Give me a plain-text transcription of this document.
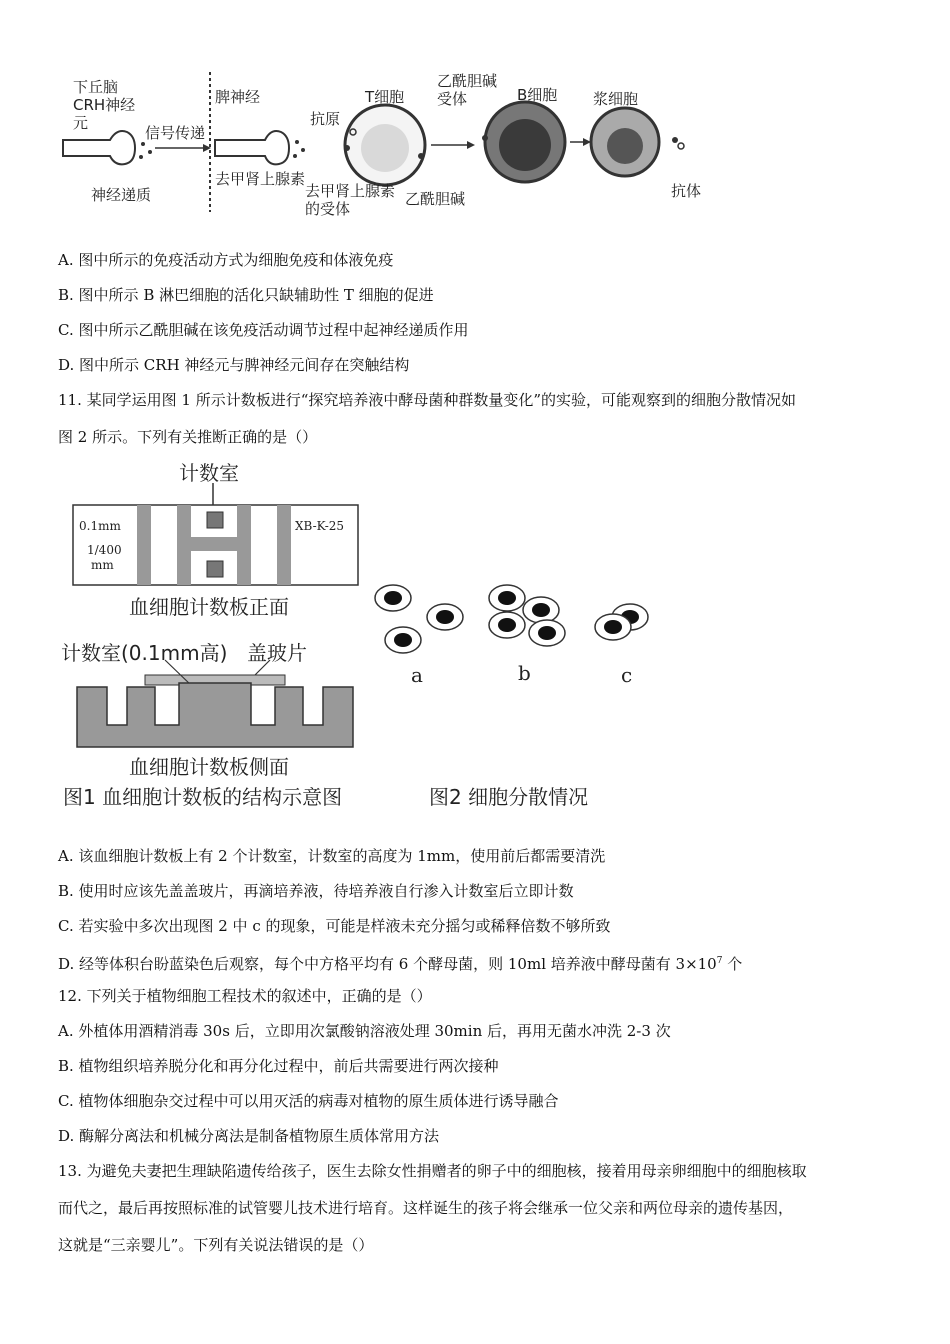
下丘脑CRH神经元
信号传递
神经递质
脾神经
去甲肾上腺素
抗原
T细胞
去甲肾上腺素的受体
乙酰胆碱受体
乙酰胆碱
B细胞 浆细胞
抗体
A. 图中所示的免疫活动方式为细胞免疫和体液免疫
B. 图中所示 B 淋巴细胞的活化只缺辅助性 T 细胞的促进
C. 图中所示乙酰胆碱在该免疫活动调节过程中起神经递质作用
D. 图中所示 CRH 神经元与脾神经元间存在突触结构
11. 某同学运用图 1 所示计数板进行“探究培养液中酵母菌种群数量变化”的实验，可能观察到的细胞分散情况如
图 2 所示。下列有关推断正确的是（）
计数室
0.1mm
1/400
mm
XB-K-25
血细胞计数板正面
计数室(0.1mm高) 盖玻片
血细胞计数板侧面
图1 血细胞计数板的结构示意图	图2 细胞分散情况
a	b	c
A. 该血细胞计数板上有 2 个计数室，计数室的高度为 1mm，使用前后都需要清洗
B. 使用时应该先盖盖玻片，再滴培养液，待培养液自行渗入计数室后立即计数
C. 若实验中多次出现图 2 中 c 的现象，可能是样液未充分摇匀或稀释倍数不够所致
D. 经等体积台盼蓝染色后观察，每个中方格平均有 6 个酵母菌，则 10ml 培养液中酵母菌有 $3\times 10^7$ 个
12. 下列关于植物细胞工程技术的叙述中，正确的是（）
A. 外植体用酒精消毒 30s 后，立即用次氯酸钠溶液处理 30min 后，再用无菌水冲洗 2-3 次
B. 植物组织培养脱分化和再分化过程中，前后共需要进行两次接种
C. 植物体细胞杂交过程中可以用灭活的病毒对植物的原生质体进行诱导融合
D. 酶解分离法和机械分离法是制备植物原生质体常用方法
13. 为避免夫妻把生理缺陷遗传给孩子，医生去除女性捐赠者的卵子中的细胞核，接着用母亲卵细胞中的细胞核取
而代之，最后再按照标准的试管婴儿技术进行培育。这样诞生的孩子将会继承一位父亲和两位母亲的遗传基因，
这就是“三亲婴儿”。下列有关说法错误的是（）
